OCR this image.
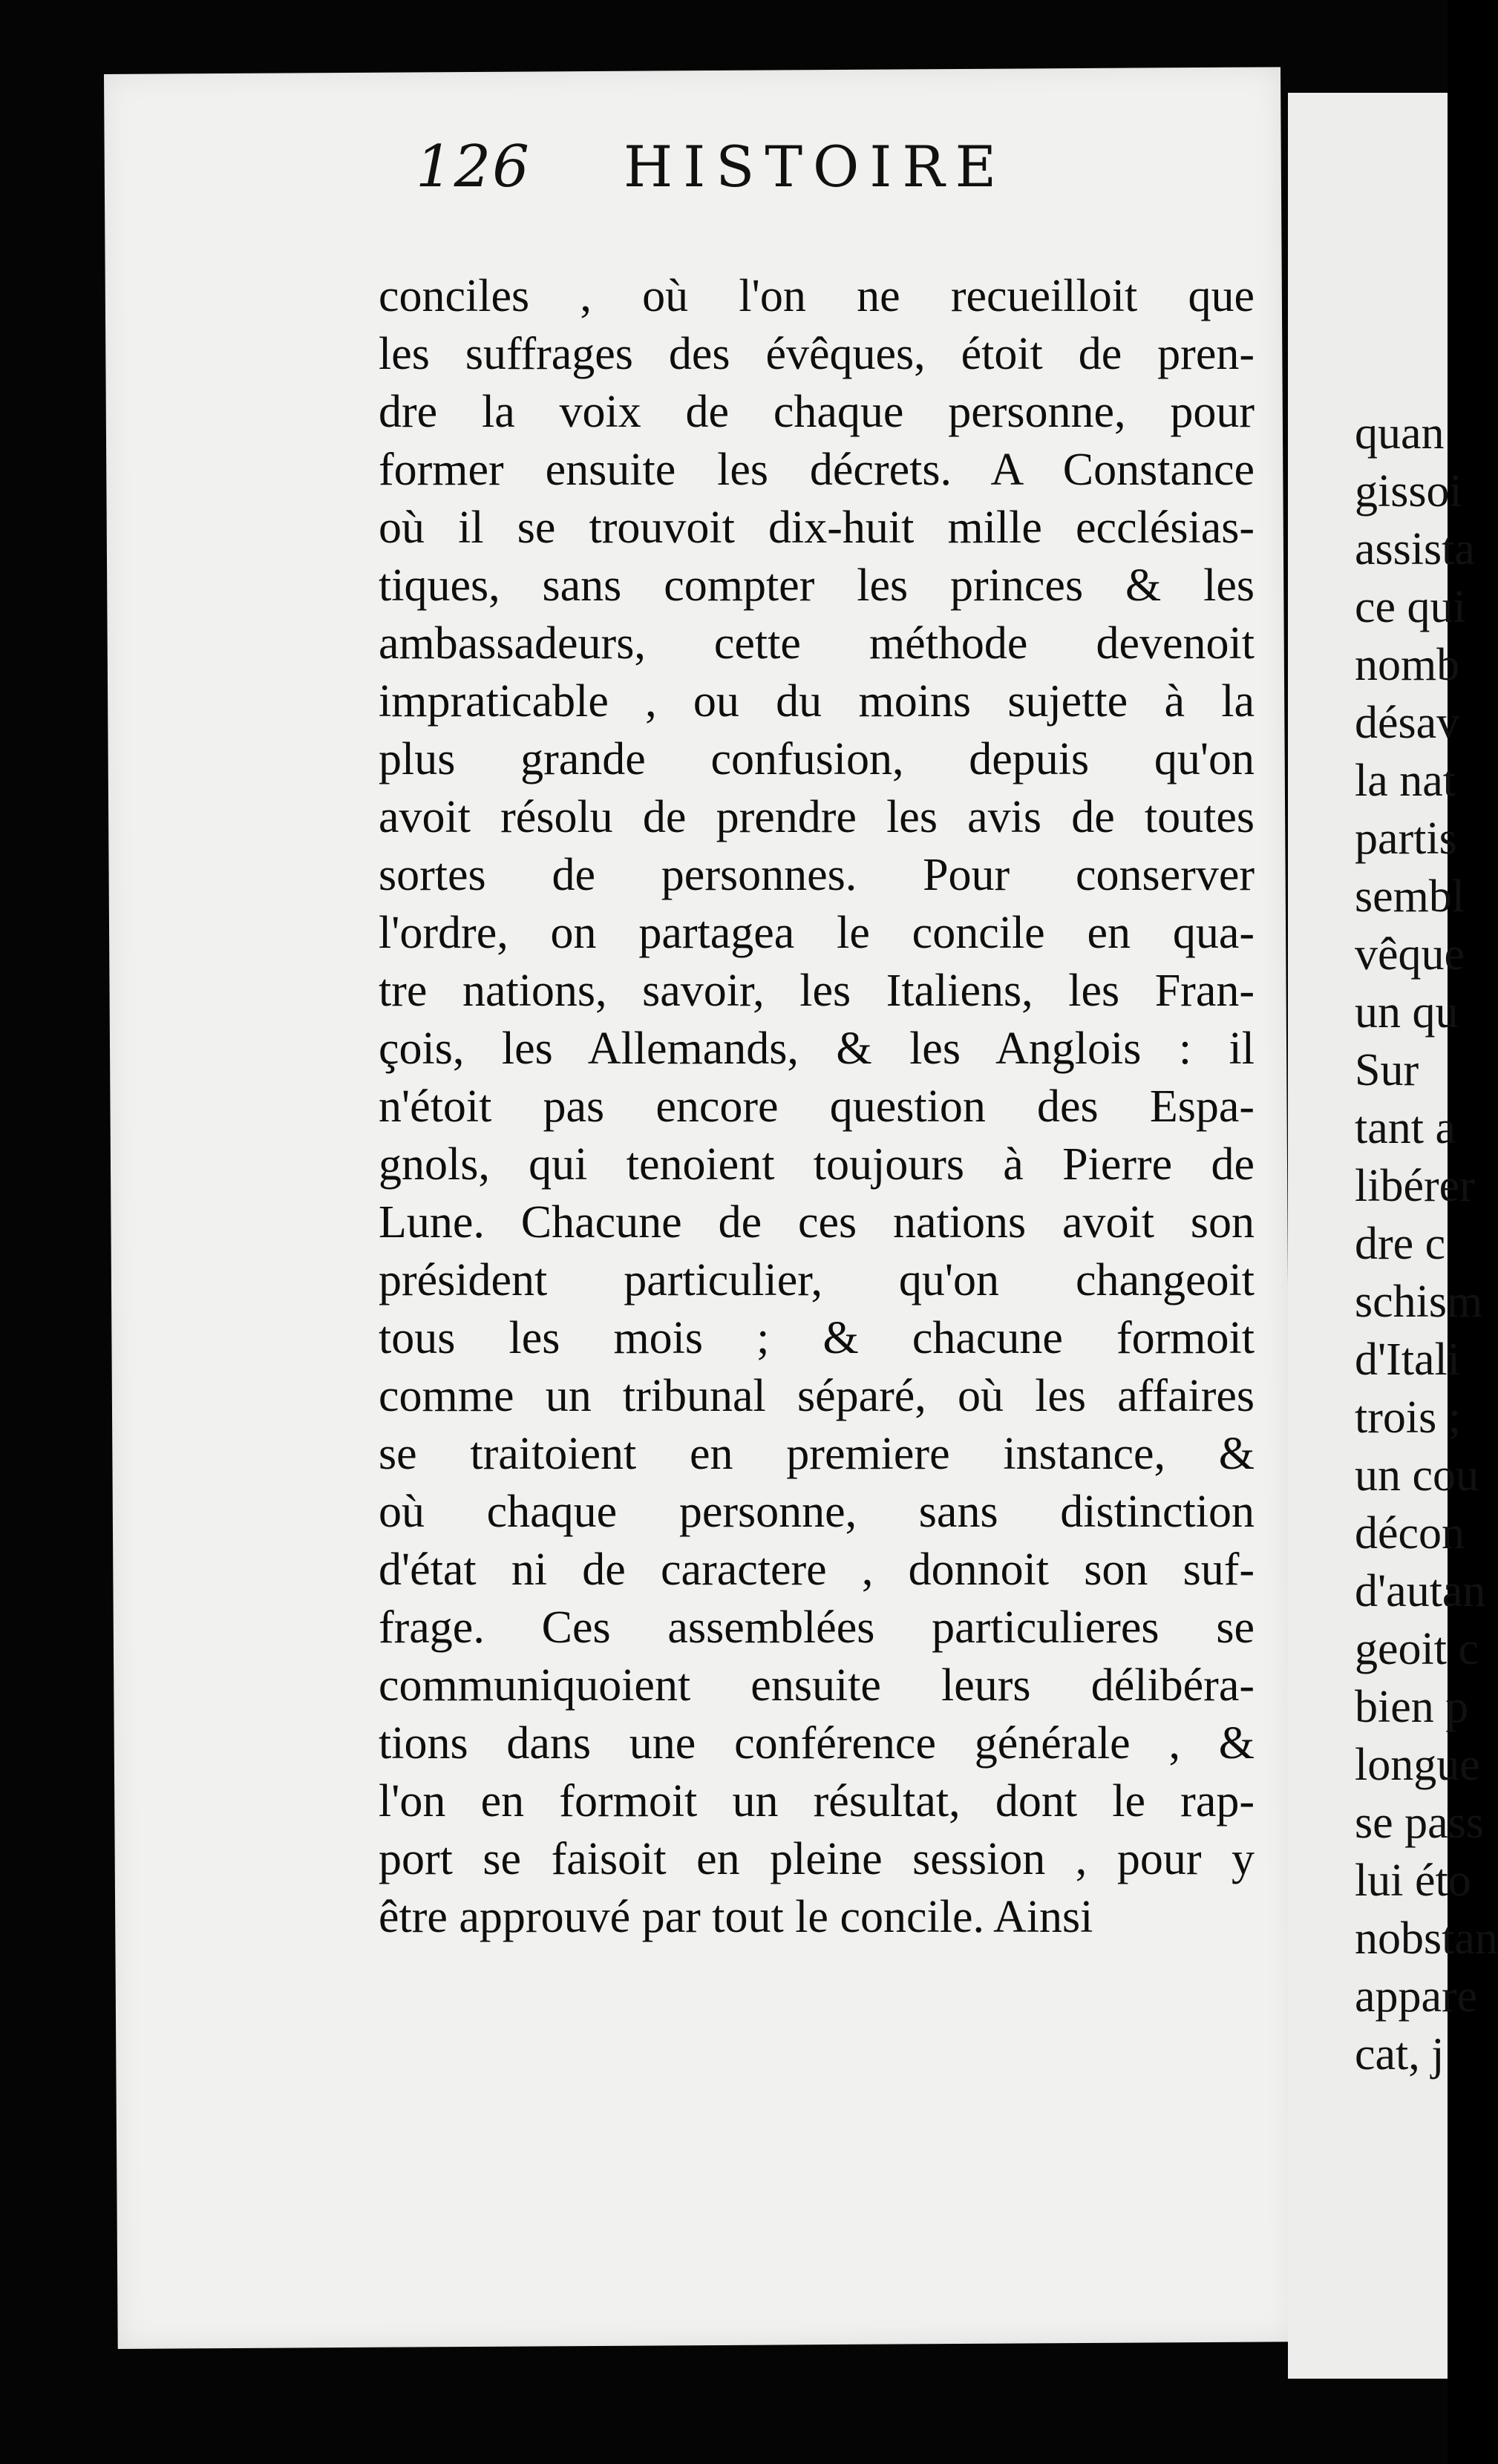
126 HISTOIRE
conciles , où l'on ne recueilloit que
les suffrages des évêques, étoit de pren-
dre la voix de chaque personne, pour
former ensuite les décrets. A Constance
où il se trouvoit dix-huit mille ecclésias-
tiques, sans compter les princes & les
ambassadeurs, cette méthode devenoit
impraticable , ou du moins sujette à la
plus grande confusion, depuis qu'on
avoit résolu de prendre les avis de toutes
sortes de personnes. Pour conserver
l'ordre, on partagea le concile en qua-
tre nations, savoir, les Italiens, les Fran-
çois, les Allemands, & les Anglois : il
n'étoit pas encore question des Espa-
gnols, qui tenoient toujours à Pierre de
Lune. Chacune de ces nations avoit son
président particulier, qu'on changeoit
tous les mois ; & chacune formoit
comme un tribunal séparé, où les affaires
se traitoient en premiere instance, &
où chaque personne, sans distinction
d'état ni de caractere , donnoit son suf-
frage. Ces assemblées particulieres se
communiquoient ensuite leurs délibéra-
tions dans une conférence générale , &
l'on en formoit un résultat, dont le rap-
port se faisoit en pleine session , pour y
être approuvé par tout le concile. Ainsi
quan
gissoi
assista
ce qui
nomb
désav
la nat
partis
sembl
vêque
un qu
Sur
tant a
libérer
dre c
schism
d'Itali
trois ;
un cou
décon
d'autan
geoit c
bien p
longue
se pass
lui éto
nobstan
appare
cat, j
